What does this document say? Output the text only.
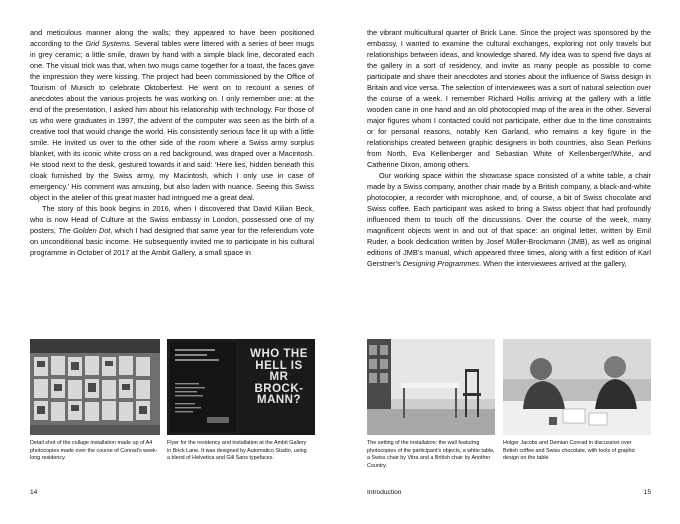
and meticulous manner along the walls; they appeared to have been positioned according to the Grid Systems. Several tables were littered with a series of beer mugs in grey ceramic; a little smile, drawn by hand with a simple black line, decorated each one. The visual trick was that, when two mugs came together for a toast, the faces gave the impression they were kissing. The project had been commissioned by the Office of Tourism of Munich to celebrate Oktoberfest. He went on to recount a series of anecdotes about the various projects he was working on. I only remember one: at the end of the presentation, I asked him about his relationship with technology. For those of us who were graduates in 1997, the advent of the computer was seen as the birth of a creative tool that would change the world. His consistently serious face lit up with a little smile. He invited us over to the other side of the room where a Swiss army surplus blanket, with its iconic white cross on a red background, was draped over a Macintosh. He stood next to the desk, gestured towards it and said: ‘Here lies, hidden beneath this cloak furnished by the Swiss army, my Macintosh, which I only use in case of emergency.’ His comment was amusing, but also laden with nuance. Seeing this Swiss object in the atelier of this great master had intrigued me a great deal.

The story of this book begins in 2016, when I discovered that David Kilian Beck, who is now Head of Culture at the Swiss embassy in London, possessed one of my posters, The Golden Dot, which I had designed that same year for the referendum vote on unconditional basic income. He subsequently invited me to participate in his cultural programme in October of 2017 at the Ambit Gallery, a small space in

Detail shot of the collage installation made up of A4 photocopies made over the course of Conrad’s week-long residency.
WHO THE HELL IS MR BROCK- MANN?
Flyer for the residency and installation at the Ambit Gallery in Brick Lane. It was designed by Automatico Studio, using a blend of Helvetica and Gill Sans typefaces.
14

the vibrant multicultural quarter of Brick Lane. Since the project was sponsored by the embassy, I wanted to examine the cultural exchanges, exploring not only travels but relationships between ideas, and knowledge shared. My idea was to spend five days at the gallery in a sort of residency, and invite as many people as possible to come participate and share their anecdotes and stories about the influence of Swiss design in Britain and vice versa. The selection of interviewees was a sort of natural selection over the course of a week. I remember Richard Hollis arriving at the gallery with a little wooden cane in one hand and an old photocopied map of the area in the other. Several major figures whom I contacted could not participate, either due to the time constraints or for personal reasons, notably Ken Garland, who remains a key figure in the relationships created between graphic designers in both countries, also Sean Perkins from North, Eva Kellenberger and Sebastian White of Kellenberger/White, and Catherine Dixon, among others.

Our working space within the showcase space consisted of a white table, a chair made by a Swiss company, another chair made by a British company, a black-and-white photocopier, a recorder with microphone, and, of course, a bit of Swiss chocolate and Swiss coffee. Each participant was asked to bring a Swiss object that had profoundly influenced them to touch off the discussions. Over the course of the week, many magnificent objects went in and out of that space: an original letter, written by Emil Ruder, a book dedication written by Josef Müller-Brockmann (JMB), as well as original editions of JMB’s manual, which appeared three times, along with a first edition of Karl Gerstner’s Designing Programmes. When the interviewees arrived at the gallery,

The setting of the installation: the wall featuring photocopies of the participant’s objects, a white table, a Swiss chair by Vitra and a British chair by Another Country.
Holger Jacobs and Demian Conrad in discussion over British coffee and Swiss chocolate, with tools of graphic design on the table.
Introduction	15
